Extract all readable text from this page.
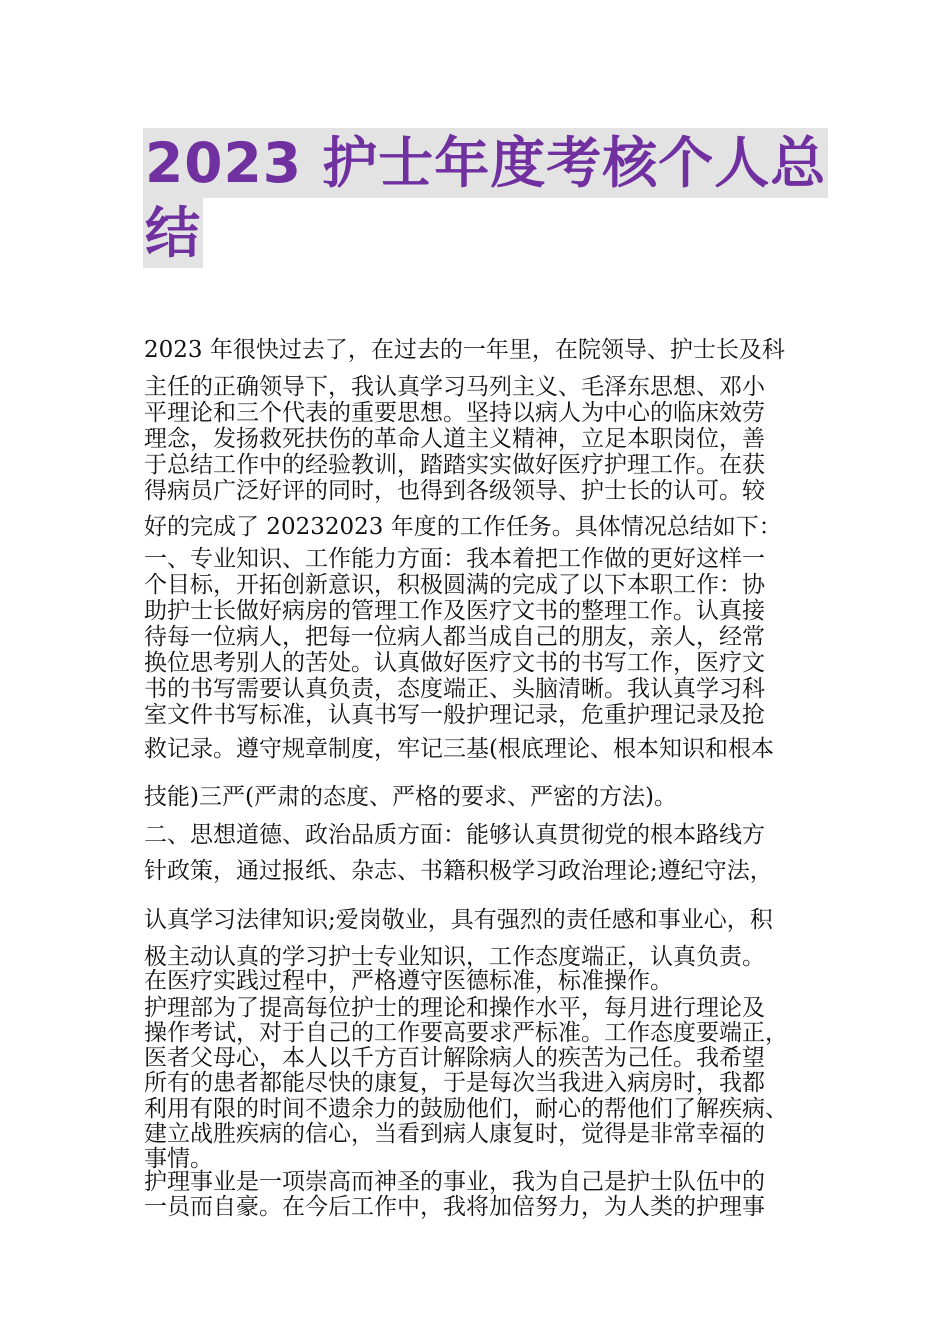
2023 护士年度考核个人总
结
2023 年很快过去了，在过去的一年里，在院领导、护士长及科
主任的正确领导下，我认真学习马列主义、毛泽东思想、邓小
平理论和三个代表的重要思想。坚持以病人为中心的临床效劳
理念，发扬救死扶伤的革命人道主义精神，立足本职岗位，善
于总结工作中的经验教训，踏踏实实做好医疗护理工作。在获
得病员广泛好评的同时，也得到各级领导、护士长的认可。较
好的完成了 20232023 年度的工作任务。具体情况总结如下：
一、专业知识、工作能力方面：我本着把工作做的更好这样一
个目标，开拓创新意识，积极圆满的完成了以下本职工作：协
助护士长做好病房的管理工作及医疗文书的整理工作。认真接
待每一位病人，把每一位病人都当成自己的朋友，亲人，经常
换位思考别人的苦处。认真做好医疗文书的书写工作，医疗文
书的书写需要认真负责，态度端正、头脑清晰。我认真学习科
室文件书写标准，认真书写一般护理记录，危重护理记录及抢
救记录。遵守规章制度，牢记三基(根底理论、根本知识和根本
技能)三严(严肃的态度、严格的要求、严密的方法)。
二、思想道德、政治品质方面：能够认真贯彻党的根本路线方
针政策，通过报纸、杂志、书籍积极学习政治理论;遵纪守法，
认真学习法律知识;爱岗敬业，具有强烈的责任感和事业心，积
极主动认真的学习护士专业知识，工作态度端正，认真负责。
在医疗实践过程中，严格遵守医德标准，标准操作。
护理部为了提高每位护士的理论和操作水平，每月进行理论及
操作考试，对于自己的工作要高要求严标准。工作态度要端正，
医者父母心，本人以千方百计解除病人的疾苦为己任。我希望
所有的患者都能尽快的康复，于是每次当我进入病房时，我都
利用有限的时间不遗余力的鼓励他们，耐心的帮他们了解疾病、
建立战胜疾病的信心，当看到病人康复时，觉得是非常幸福的
事情。
护理事业是一项崇高而神圣的事业，我为自己是护士队伍中的
一员而自豪。在今后工作中，我将加倍努力，为人类的护理事
